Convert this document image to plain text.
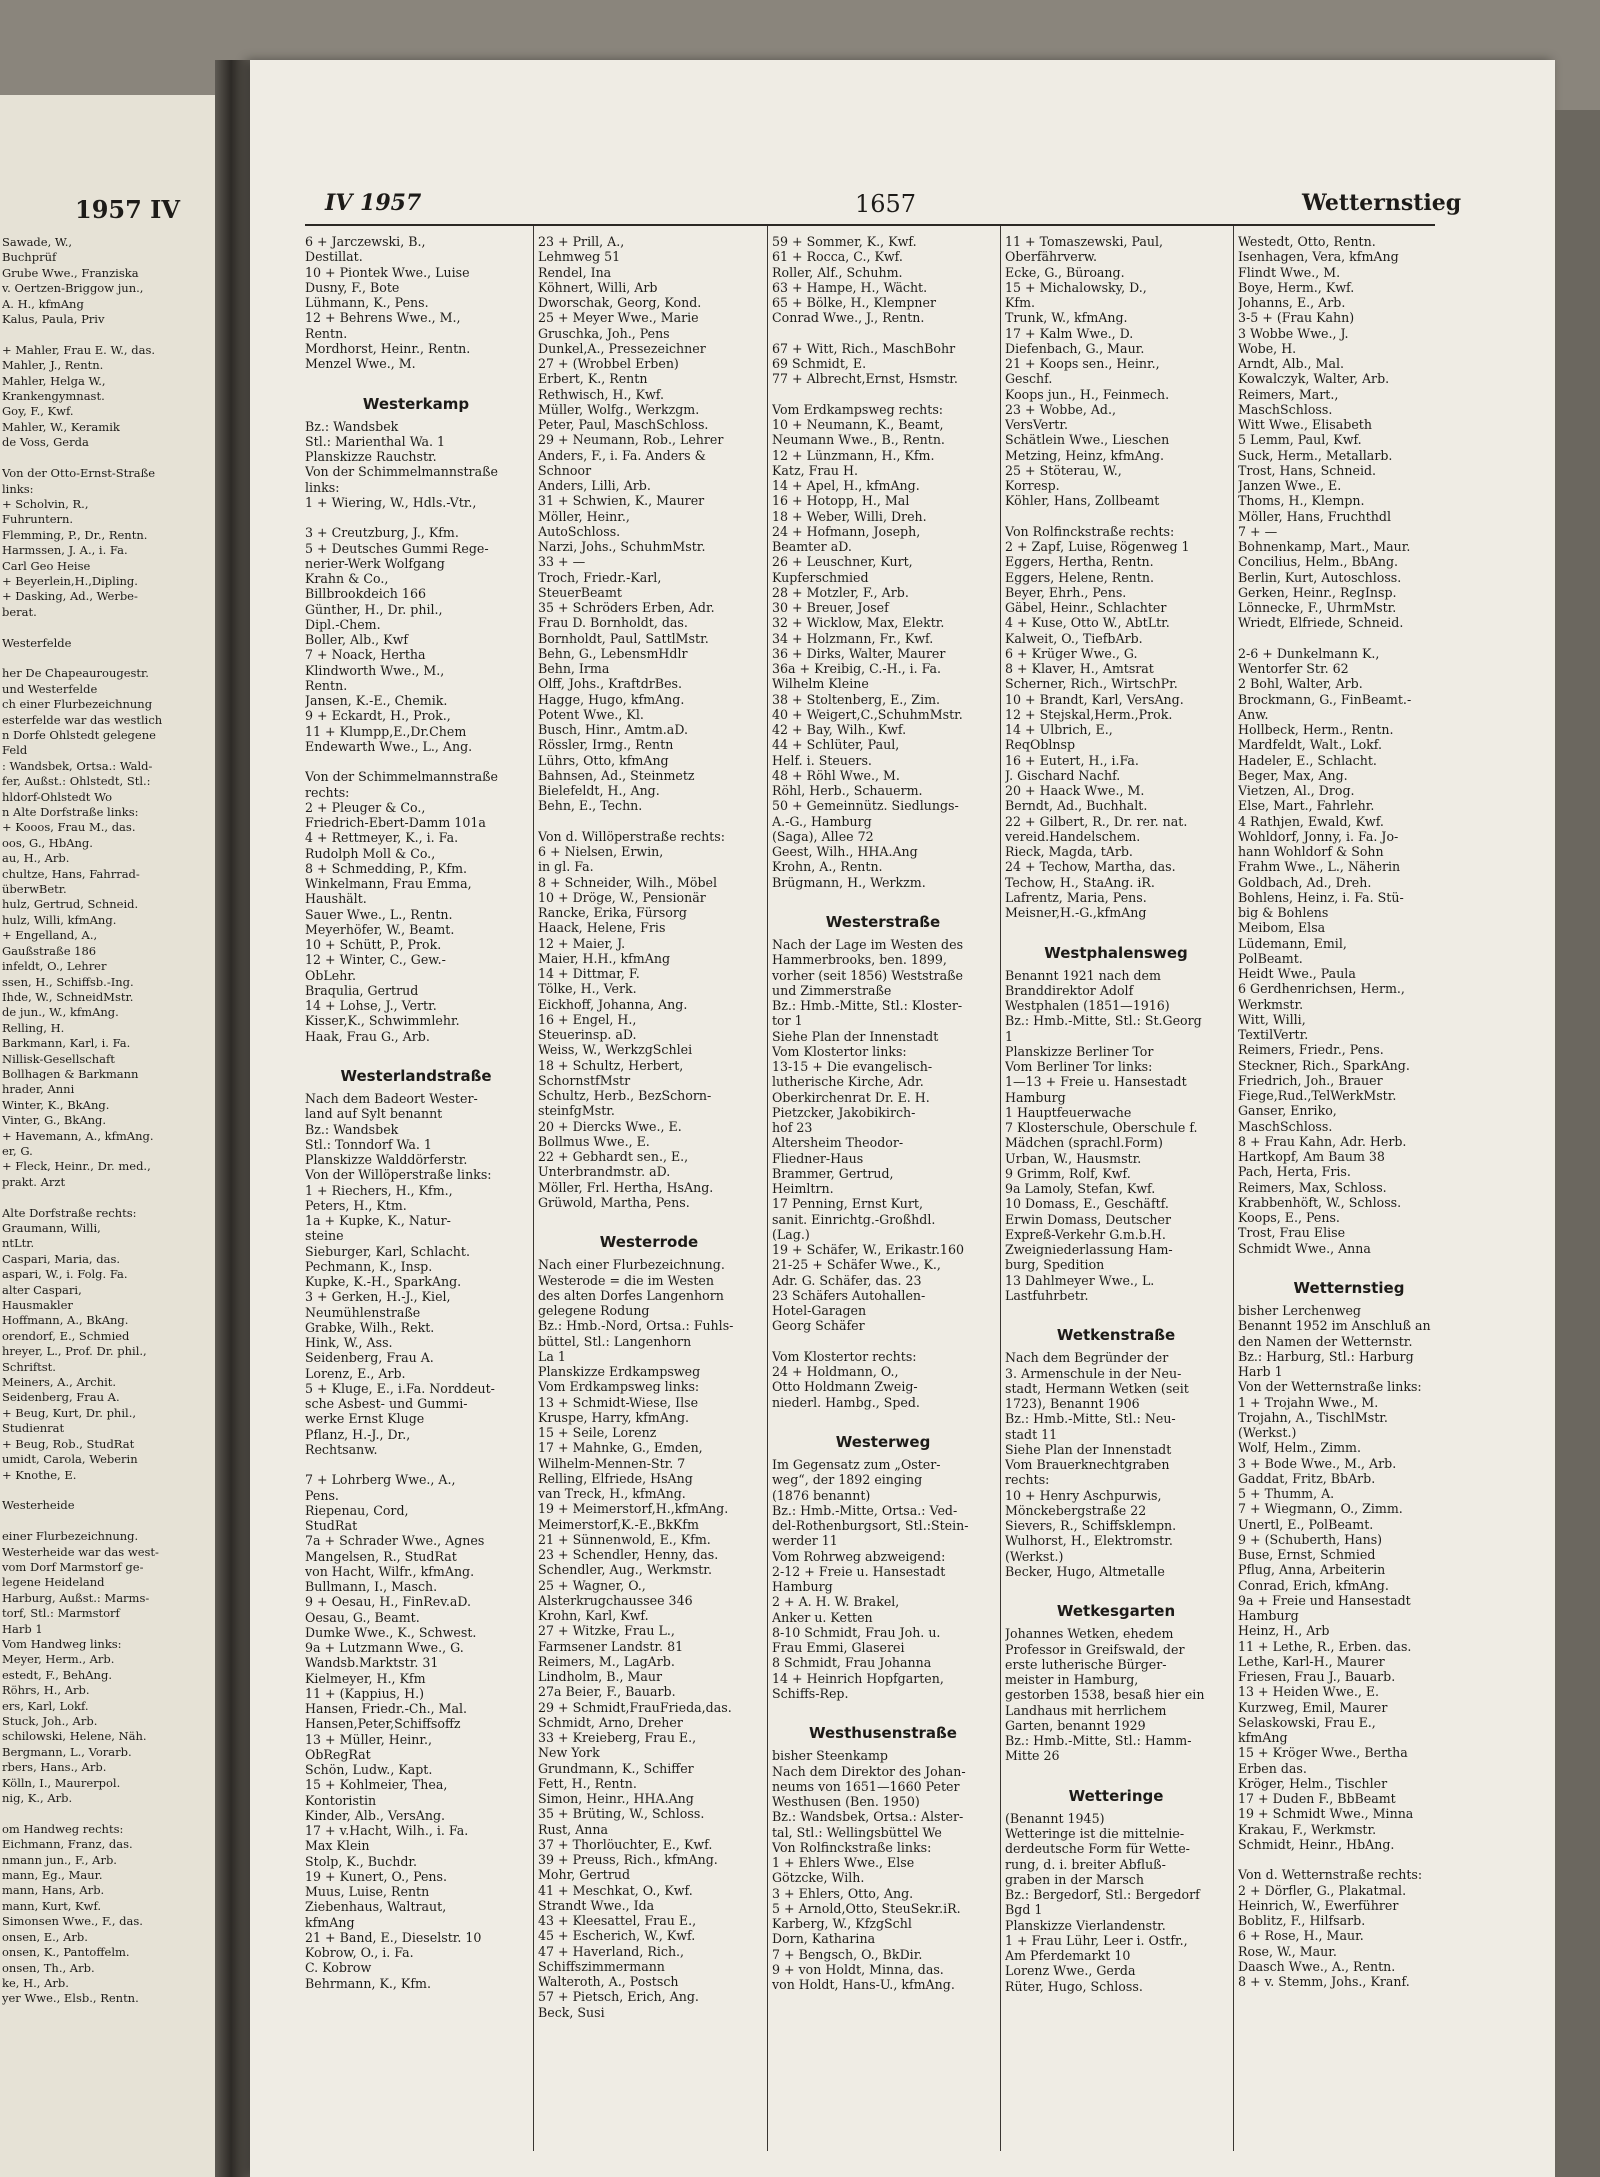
1957 IV
Sawade, W.,
Buchprüf
Grube Wwe., Franziska
v. Oertzen-Briggow jun.,
A. H., kfmAng
Kalus, Paula, Priv

+ Mahler, Frau E. W., das.
Mahler, J., Rentn.
Mahler, Helga W.,
Krankengymnast.
Goy, F., Kwf.
Mahler, W., Keramik
de Voss, Gerda

Von der Otto-Ernst-Straße
links:
+ Scholvin, R.,
Fuhruntern.
Flemming, P., Dr., Rentn.
Harmssen, J. A., i. Fa.
Carl Geo Heise
+ Beyerlein,H.,Dipling.
+ Dasking, Ad., Werbe-
berat.

Westerfelde

her De Chapeaurougestr.
und Westerfelde
ch einer Flurbezeichnung
esterfelde war das westlich
n Dorfe Ohlstedt gelegene
Feld
: Wandsbek, Ortsa.: Wald-
fer, Außst.: Ohlstedt, Stl.:
hldorf-Ohlstedt Wo
n Alte Dorfstraße links:
+ Kooos, Frau M., das.
oos, G., HbAng.
au, H., Arb.
chultze, Hans, Fahrrad-
überwBetr.
hulz, Gertrud, Schneid.
hulz, Willi, kfmAng.
+ Engelland, A.,
Gaußstraße 186
infeldt, O., Lehrer
ssen, H., Schiffsb.-Ing.
Ihde, W., SchneidMstr.
de jun., W., kfmAng.
Relling, H.
Barkmann, Karl, i. Fa.
Nillisk-Gesellschaft
Bollhagen & Barkmann
hrader, Anni
Winter, K., BkAng.
Vinter, G., BkAng.
+ Havemann, A., kfmAng.
er, G.
+ Fleck, Heinr., Dr. med.,
prakt. Arzt

Alte Dorfstraße rechts:
Graumann, Willi,
ntLtr.
Caspari, Maria, das.
aspari, W., i. Folg. Fa.
alter Caspari,
Hausmakler
Hoffmann, A., BkAng.
orendorf, E., Schmied
hreyer, L., Prof. Dr. phil.,
Schriftst.
Meiners, A., Archit.
Seidenberg, Frau A.
+ Beug, Kurt, Dr. phil.,
Studienrat
+ Beug, Rob., StudRat
umidt, Carola, Weberin
+ Knothe, E.

Westerheide

einer Flurbezeichnung.
Westerheide war das west-
vom Dorf Marmstorf ge-
legene Heideland
Harburg, Außst.: Marms-
torf, Stl.: Marmstorf
Harb 1
Vom Handweg links:
Meyer, Herm., Arb.
estedt, F., BehAng.
Röhrs, H., Arb.
ers, Karl, Lokf.
Stuck, Joh., Arb.
schilowski, Helene, Näh.
Bergmann, L., Vorarb.
rbers, Hans., Arb.
Kölln, I., Maurerpol.
nig, K., Arb.

om Handweg rechts:
Eichmann, Franz, das.
nmann jun., F., Arb.
mann, Eg., Maur.
mann, Hans, Arb.
mann, Kurt, Kwf.
Simonsen Wwe., F., das.
onsen, E., Arb.
onsen, K., Pantoffelm.
onsen, Th., Arb.
ke, H., Arb.
yer Wwe., Elsb., Rentn.
IV 1957	1657	Wetternstieg
6 + Jarczewski, B.,
Destillat.
10 + Piontek Wwe., Luise
Dusny, F., Bote
Lühmann, K., Pens.
12 + Behrens Wwe., M.,
Rentn.
Mordhorst, Heinr., Rentn.
Menzel Wwe., M.

Westerkamp
Bz.: Wandsbek
Stl.: Marienthal Wa. 1
Planskizze Rauchstr.
Von der Schimmelmannstraße
links:
1 + Wiering, W., Hdls.-Vtr.,

3 + Creutzburg, J., Kfm.
5 + Deutsches Gummi Rege-
nerier-Werk Wolfgang
Krahn & Co.,
Billbrookdeich 166
Günther, H., Dr. phil.,
Dipl.-Chem.
Boller, Alb., Kwf
7 + Noack, Hertha
Klindworth Wwe., M.,
Rentn.
Jansen, K.-E., Chemik.
9 + Eckardt, H., Prok.,
11 + Klumpp,E.,Dr.Chem
Endewarth Wwe., L., Ang.

Von der Schimmelmannstraße
rechts:
2 + Pleuger & Co.,
Friedrich-Ebert-Damm 101a
4 + Rettmeyer, K., i. Fa.
Rudolph Moll & Co.,
8 + Schmedding, P., Kfm.
Winkelmann, Frau Emma,
Haushält.
Sauer Wwe., L., Rentn.
Meyerhöfer, W., Beamt.
10 + Schütt, P., Prok.
12 + Winter, C., Gew.-
ObLehr.
Braqulia, Gertrud
14 + Lohse, J., Vertr.
Kisser,K., Schwimmlehr.
Haak, Frau G., Arb.

Westerlandstraße
Nach dem Badeort Wester-
land auf Sylt benannt
Bz.: Wandsbek
Stl.: Tonndorf Wa. 1
Planskizze Walddörferstr.
Von der Willöperstraße links:
1 + Riechers, H., Kfm.,
Peters, H., Ktm.
1a + Kupke, K., Natur-
steine
Sieburger, Karl, Schlacht.
Pechmann, K., Insp.
Kupke, K.-H., SparkAng.
3 + Gerken, H.-J., Kiel,
Neumühlenstraße
Grabke, Wilh., Rekt.
Hink, W., Ass.
Seidenberg, Frau A.
Lorenz, E., Arb.
5 + Kluge, E., i.Fa. Norddeut-
sche Asbest- und Gummi-
werke Ernst Kluge
Pflanz, H.-J., Dr.,
Rechtsanw.

7 + Lohrberg Wwe., A.,
Pens.
Riepenau, Cord,
StudRat
7a + Schrader Wwe., Agnes
Mangelsen, R., StudRat
von Hacht, Wilfr., kfmAng.
Bullmann, I., Masch.
9 + Oesau, H., FinRev.aD.
Oesau, G., Beamt.
Dumke Wwe., K., Schwest.
9a + Lutzmann Wwe., G.
Wandsb.Marktstr. 31
Kielmeyer, H., Kfm
11 + (Kappius, H.)
Hansen, Friedr.-Ch., Mal.
Hansen,Peter,Schiffsoffz
13 + Müller, Heinr.,
ObRegRat
Schön, Ludw., Kapt.
15 + Kohlmeier, Thea,
Kontoristin
Kinder, Alb., VersAng.
17 + v.Hacht, Wilh., i. Fa.
Max Klein
Stolp, K., Buchdr.
19 + Kunert, O., Pens.
Muus, Luise, Rentn
Ziebenhaus, Waltraut,
kfmAng
21 + Band, E., Dieselstr. 10
Kobrow, O., i. Fa.
C. Kobrow
Behrmann, K., Kfm.
23 + Prill, A.,
Lehmweg 51
Rendel, Ina
Köhnert, Willi, Arb
Dworschak, Georg, Kond.
25 + Meyer Wwe., Marie
Gruschka, Joh., Pens
Dunkel,A., Pressezeichner
27 + (Wrobbel Erben)
Erbert, K., Rentn
Rethwisch, H., Kwf.
Müller, Wolfg., Werkzgm.
Peter, Paul, MaschSchloss.
29 + Neumann, Rob., Lehrer
Anders, F., i. Fa. Anders &
Schnoor
Anders, Lilli, Arb.
31 + Schwien, K., Maurer
Möller, Heinr.,
AutoSchloss.
Narzi, Johs., SchuhmMstr.
33 + —
Troch, Friedr.-Karl,
SteuerBeamt
35 + Schröders Erben, Adr.
Frau D. Bornholdt, das.
Bornholdt, Paul, SattlMstr.
Behn, G., LebensmHdlr
Behn, Irma
Olff, Johs., KraftdrBes.
Hagge, Hugo, kfmAng.
Potent Wwe., Kl.
Busch, Hinr., Amtm.aD.
Rössler, Irmg., Rentn
Lührs, Otto, kfmAng
Bahnsen, Ad., Steinmetz
Bielefeldt, H., Ang.
Behn, E., Techn.

Von d. Willöperstraße rechts:
6 + Nielsen, Erwin,
in gl. Fa.
8 + Schneider, Wilh., Möbel
10 + Dröge, W., Pensionär
Rancke, Erika, Fürsorg
Haack, Helene, Fris
12 + Maier, J.
Maier, H.H., kfmAng
14 + Dittmar, F.
Tölke, H., Verk.
Eickhoff, Johanna, Ang.
16 + Engel, H.,
Steuerinsp. aD.
Weiss, W., WerkzgSchlei
18 + Schultz, Herbert,
SchornstfMstr
Schultz, Herb., BezSchorn-
steinfgMstr.
20 + Diercks Wwe., E.
Bollmus Wwe., E.
22 + Gebhardt sen., E.,
Unterbrandmstr. aD.
Möller, Frl. Hertha, HsAng.
Grüwold, Martha, Pens.

Westerrode
Nach einer Flurbezeichnung.
Westerode = die im Westen
des alten Dorfes Langenhorn
gelegene Rodung
Bz.: Hmb.-Nord, Ortsa.: Fuhls-
büttel, Stl.: Langenhorn
La 1
Planskizze Erdkampsweg
Vom Erdkampsweg links:
13 + Schmidt-Wiese, Ilse
Kruspe, Harry, kfmAng.
15 + Seile, Lorenz
17 + Mahnke, G., Emden,
Wilhelm-Mennen-Str. 7
Relling, Elfriede, HsAng
van Treck, H., kfmAng.
19 + Meimerstorf,H.,kfmAng.
Meimerstorf,K.-E.,BkKfm
21 + Sünnenwold, E., Kfm.
23 + Schendler, Henny, das.
Schendler, Aug., Werkmstr.
25 + Wagner, O.,
Alsterkrugchaussee 346
Krohn, Karl, Kwf.
27 + Witzke, Frau L.,
Farmsener Landstr. 81
Reimers, M., LagArb.
Lindholm, B., Maur
27a Beier, F., Bauarb.
29 + Schmidt,FrauFrieda,das.
Schmidt, Arno, Dreher
33 + Kreieberg, Frau E.,
New York
Grundmann, K., Schiffer
Fett, H., Rentn.
Simon, Heinr., HHA.Ang
35 + Brüting, W., Schloss.
Rust, Anna
37 + Thorlöuchter, E., Kwf.
39 + Preuss, Rich., kfmAng.
Mohr, Gertrud
41 + Meschkat, O., Kwf.
Strandt Wwe., Ida
43 + Kleesattel, Frau E.,
45 + Escherich, W., Kwf.
47 + Haverland, Rich.,
Schiffszimmermann
Walteroth, A., Postsch
57 + Pietsch, Erich, Ang.
Beck, Susi
59 + Sommer, K., Kwf.
61 + Rocca, C., Kwf.
Roller, Alf., Schuhm.
63 + Hampe, H., Wächt.
65 + Bölke, H., Klempner
Conrad Wwe., J., Rentn.

67 + Witt, Rich., MaschBohr
69 Schmidt, E.
77 + Albrecht,Ernst, Hsmstr.

Vom Erdkampsweg rechts:
10 + Neumann, K., Beamt,
Neumann Wwe., B., Rentn.
12 + Lünzmann, H., Kfm.
Katz, Frau H.
14 + Apel, H., kfmAng.
16 + Hotopp, H., Mal
18 + Weber, Willi, Dreh.
24 + Hofmann, Joseph,
Beamter aD.
26 + Leuschner, Kurt,
Kupferschmied
28 + Motzler, F., Arb.
30 + Breuer, Josef
32 + Wicklow, Max, Elektr.
34 + Holzmann, Fr., Kwf.
36 + Dirks, Walter, Maurer
36a + Kreibig, C.-H., i. Fa.
Wilhelm Kleine
38 + Stoltenberg, E., Zim.
40 + Weigert,C.,SchuhmMstr.
42 + Bay, Wilh., Kwf.
44 + Schlüter, Paul,
Helf. i. Steuers.
48 + Röhl Wwe., M.
Röhl, Herb., Schauerm.
50 + Gemeinnütz. Siedlungs-
A.-G., Hamburg
(Saga), Allee 72
Geest, Wilh., HHA.Ang
Krohn, A., Rentn.
Brügmann, H., Werkzm.

Westerstraße
Nach der Lage im Westen des
Hammerbrooks, ben. 1899,
vorher (seit 1856) Weststraße
und Zimmerstraße
Bz.: Hmb.-Mitte, Stl.: Kloster-
tor 1
Siehe Plan der Innenstadt
Vom Klostertor links:
13-15 + Die evangelisch-
lutherische Kirche, Adr.
Oberkirchenrat Dr. E. H.
Pietzcker, Jakobikirch-
hof 23
Altersheim Theodor-
Fliedner-Haus
Brammer, Gertrud,
Heimltrn.
17 Penning, Ernst Kurt,
sanit. Einrichtg.-Großhdl.
(Lag.)
19 + Schäfer, W., Erikastr.160
21-25 + Schäfer Wwe., K.,
Adr. G. Schäfer, das. 23
23 Schäfers Autohallen-
Hotel-Garagen
Georg Schäfer

Vom Klostertor rechts:
24 + Holdmann, O.,
Otto Holdmann Zweig-
niederl. Hambg., Sped.

Westerweg
Im Gegensatz zum „Oster-
weg“, der 1892 einging
(1876 benannt)
Bz.: Hmb.-Mitte, Ortsa.: Ved-
del-Rothenburgsort, Stl.:Stein-
werder 11
Vom Rohrweg abzweigend:
2-12 + Freie u. Hansestadt
Hamburg
2 + A. H. W. Brakel,
Anker u. Ketten
8-10 Schmidt, Frau Joh. u.
Frau Emmi, Glaserei
8 Schmidt, Frau Johanna
14 + Heinrich Hopfgarten,
Schiffs-Rep.

Westhusenstraße
bisher Steenkamp
Nach dem Direktor des Johan-
neums von 1651—1660 Peter
Westhusen (Ben. 1950)
Bz.: Wandsbek, Ortsa.: Alster-
tal, Stl.: Wellingsbüttel We
Von Rolfinckstraße links:
1 + Ehlers Wwe., Else
Götzcke, Wilh.
3 + Ehlers, Otto, Ang.
5 + Arnold,Otto, SteuSekr.iR.
Karberg, W., KfzgSchl
Dorn, Katharina
7 + Bengsch, O., BkDir.
9 + von Holdt, Minna, das.
von Holdt, Hans-U., kfmAng.
11 + Tomaszewski, Paul,
Oberfährverw.
Ecke, G., Büroang.
15 + Michalowsky, D.,
Kfm.
Trunk, W., kfmAng.
17 + Kalm Wwe., D.
Diefenbach, G., Maur.
21 + Koops sen., Heinr.,
Geschf.
Koops jun., H., Feinmech.
23 + Wobbe, Ad.,
VersVertr.
Schätlein Wwe., Lieschen
Metzing, Heinz, kfmAng.
25 + Stöterau, W.,
Korresp.
Köhler, Hans, Zollbeamt

Von Rolfinckstraße rechts:
2 + Zapf, Luise, Rögenweg 1
Eggers, Hertha, Rentn.
Eggers, Helene, Rentn.
Beyer, Ehrh., Pens.
Gäbel, Heinr., Schlachter
4 + Kuse, Otto W., AbtLtr.
Kalweit, O., TiefbArb.
6 + Krüger Wwe., G.
8 + Klaver, H., Amtsrat
Scherner, Rich., WirtschPr.
10 + Brandt, Karl, VersAng.
12 + Stejskal,Herm.,Prok.
14 + Ulbrich, E.,
ReqOblnsp
16 + Eutert, H., i.Fa.
J. Gischard Nachf.
20 + Haack Wwe., M.
Berndt, Ad., Buchhalt.
22 + Gilbert, R., Dr. rer. nat.
vereid.Handelschem.
Rieck, Magda, tArb.
24 + Techow, Martha, das.
Techow, H., StaAng. iR.
Lafrentz, Maria, Pens.
Meisner,H.-G.,kfmAng

Westphalensweg
Benannt 1921 nach dem
Branddirektor Adolf
Westphalen (1851—1916)
Bz.: Hmb.-Mitte, Stl.: St.Georg
1
Planskizze Berliner Tor
Vom Berliner Tor links:
1—13 + Freie u. Hansestadt
Hamburg
1 Hauptfeuerwache
7 Klosterschule, Oberschule f.
Mädchen (sprachl.Form)
Urban, W., Hausmstr.
9 Grimm, Rolf, Kwf.
9a Lamoly, Stefan, Kwf.
10 Domass, E., Geschäftf.
Erwin Domass, Deutscher
Expreß-Verkehr G.m.b.H.
Zweigniederlassung Ham-
burg, Spedition
13 Dahlmeyer Wwe., L.
Lastfuhrbetr.

Wetkenstraße
Nach dem Begründer der
3. Armenschule in der Neu-
stadt, Hermann Wetken (seit
1723), Benannt 1906
Bz.: Hmb.-Mitte, Stl.: Neu-
stadt 11
Siehe Plan der Innenstadt
Vom Brauerknechtgraben
rechts:
10 + Henry Aschpurwis,
Mönckebergstraße 22
Sievers, R., Schiffsklempn.
Wulhorst, H., Elektromstr.
(Werkst.)
Becker, Hugo, Altmetalle

Wetkesgarten
Johannes Wetken, ehedem
Professor in Greifswald, der
erste lutherische Bürger-
meister in Hamburg,
gestorben 1538, besaß hier ein
Landhaus mit herrlichem
Garten, benannt 1929
Bz.: Hmb.-Mitte, Stl.: Hamm-
Mitte 26

Wetteringe
(Benannt 1945)
Wetteringe ist die mittelnie-
derdeutsche Form für Wette-
rung, d. i. breiter Abfluß-
graben in der Marsch
Bz.: Bergedorf, Stl.: Bergedorf
Bgd 1
Planskizze Vierlandenstr.
1 + Frau Lühr, Leer i. Ostfr.,
Am Pferdemarkt 10
Lorenz Wwe., Gerda
Rüter, Hugo, Schloss.
Westedt, Otto, Rentn.
Isenhagen, Vera, kfmAng
Flindt Wwe., M.
Boye, Herm., Kwf.
Johanns, E., Arb.
3-5 + (Frau Kahn)
3 Wobbe Wwe., J.
Wobe, H.
Arndt, Alb., Mal.
Kowalczyk, Walter, Arb.
Reimers, Mart.,
MaschSchloss.
Witt Wwe., Elisabeth
5 Lemm, Paul, Kwf.
Suck, Herm., Metallarb.
Trost, Hans, Schneid.
Janzen Wwe., E.
Thoms, H., Klempn.
Möller, Hans, Fruchthdl
7 + —
Bohnenkamp, Mart., Maur.
Concilius, Helm., BbAng.
Berlin, Kurt, Autoschloss.
Gerken, Heinr., RegInsp.
Lönnecke, F., UhrmMstr.
Wriedt, Elfriede, Schneid.

2-6 + Dunkelmann K.,
Wentorfer Str. 62
2 Bohl, Walter, Arb.
Brockmann, G., FinBeamt.-
Anw.
Hollbeck, Herm., Rentn.
Mardfeldt, Walt., Lokf.
Hadeler, E., Schlacht.
Beger, Max, Ang.
Vietzen, Al., Drog.
Else, Mart., Fahrlehr.
4 Rathjen, Ewald, Kwf.
Wohldorf, Jonny, i. Fa. Jo-
hann Wohldorf & Sohn
Frahm Wwe., L., Näherin
Goldbach, Ad., Dreh.
Bohlens, Heinz, i. Fa. Stü-
big & Bohlens
Meibom, Elsa
Lüdemann, Emil,
PolBeamt.
Heidt Wwe., Paula
6 Gerdhenrichsen, Herm.,
Werkmstr.
Witt, Willi,
TextilVertr.
Reimers, Friedr., Pens.
Steckner, Rich., SparkAng.
Friedrich, Joh., Brauer
Fiege,Rud.,TelWerkMstr.
Ganser, Enriko,
MaschSchloss.
8 + Frau Kahn, Adr. Herb.
Hartkopf, Am Baum 38
Pach, Herta, Fris.
Reimers, Max, Schloss.
Krabbenhöft, W., Schloss.
Koops, E., Pens.
Trost, Frau Elise
Schmidt Wwe., Anna

Wetternstieg
bisher Lerchenweg
Benannt 1952 im Anschluß an
den Namen der Wetternstr.
Bz.: Harburg, Stl.: Harburg
Harb 1
Von der Wetternstraße links:
1 + Trojahn Wwe., M.
Trojahn, A., TischlMstr.
(Werkst.)
Wolf, Helm., Zimm.
3 + Bode Wwe., M., Arb.
Gaddat, Fritz, BbArb.
5 + Thumm, A.
7 + Wiegmann, O., Zimm.
Unertl, E., PolBeamt.
9 + (Schuberth, Hans)
Buse, Ernst, Schmied
Pflug, Anna, Arbeiterin
Conrad, Erich, kfmAng.
9a + Freie und Hansestadt
Hamburg
Heinz, H., Arb
11 + Lethe, R., Erben. das.
Lethe, Karl-H., Maurer
Friesen, Frau J., Bauarb.
13 + Heiden Wwe., E.
Kurzweg, Emil, Maurer
Selaskowski, Frau E.,
kfmAng
15 + Kröger Wwe., Bertha
Erben das.
Kröger, Helm., Tischler
17 + Duden F., BbBeamt
19 + Schmidt Wwe., Minna
Krakau, F., Werkmstr.
Schmidt, Heinr., HbAng.

Von d. Wetternstraße rechts:
2 + Dörfler, G., Plakatmal.
Heinrich, W., Ewerführer
Boblitz, F., Hilfsarb.
6 + Rose, H., Maur.
Rose, W., Maur.
Daasch Wwe., A., Rentn.
8 + v. Stemm, Johs., Kranf.
